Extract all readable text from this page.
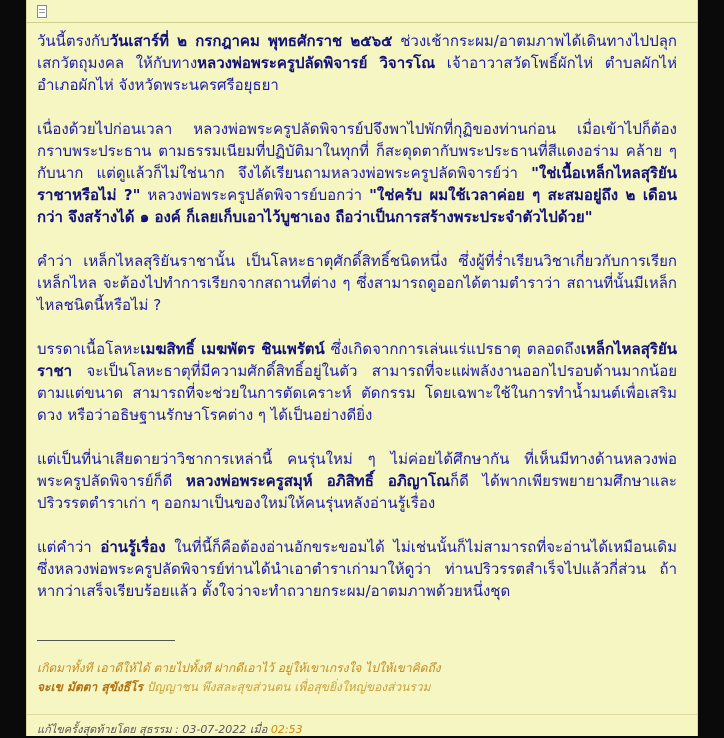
วันนี้ตรงกับวันเสาร์ที่ ๒ กรกฎาคม พุทธศักราช ๒๕๖๕ ช่วงเช้ากระผม/อาตมภาพได้เดินทางไปปลุกเสกวัตถุมงคล ให้กับทางหลวงพ่อพระครูปลัดพิจารย์ วิจารโณ เจ้าอาวาสวัดโพธิ์ผักไห่ ตำบลผักไห่ อำเภอผักไห่ จังหวัดพระนครศรีอยุธยา

เนื่องด้วยไปก่อนเวลา หลวงพ่อพระครูปลัดพิจารย์ปจึงพาไปพักที่กุฏิของท่านก่อน เมื่อเข้าไปก็ต้องกราบพระประธาน ตามธรรมเนียมที่ปฏิบัติมาในทุกที่ ก็สะดุดตากับพระประธานที่สีแดงอร่าม คล้าย ๆ กับนาก แต่ดูแล้วก็ไม่ใช่นาก จึงได้เรียนถามหลวงพ่อพระครูปลัดพิจารย์ว่า "ใช่เนื้อเหล็กไหลสุริยันราชาหรือไม่ ?" หลวงพ่อพระครูปลัดพิจารย์บอกว่า "ใช่ครับ ผมใช้เวลาค่อย ๆ สะสมอยู่ถึง ๒ เดือนกว่า จึงสร้างได้ ๑ องค์ ก็เลยเก็บเอาไว้บูชาเอง ถือว่าเป็นการสร้างพระประจำตัวไปด้วย"

คำว่า เหล็กไหลสุริยันราชานั้น เป็นโลหะธาตุศักดิ์สิทธิ์ชนิดหนึ่ง ซึ่งผู้ที่ร่ำเรียนวิชาเกี่ยวกับการเรียกเหล็กไหล จะต้องไปทำการเรียกจากสถานที่ต่าง ๆ ซึ่งสามารถดูออกได้ตามตำราว่า สถานที่นั้นมีเหล็กไหลชนิดนี้หรือไม่ ?

บรรดาเนื้อโลหะเมฆสิทธิ์ เมฆพัตร ชินเพรัตน์ ซึ่งเกิดจากการเล่นแร่แปรธาตุ ตลอดถึงเหล็กไหลสุริยันราชา จะเป็นโลหะธาตุที่มีความศักดิ์สิทธิ์อยู่ในตัว สามารถที่จะแผ่พลังงานออกไปรอบด้านมากน้อยตามแต่ขนาด สามารถที่จะช่วยในการตัดเคราะห์ ตัดกรรม โดยเฉพาะใช้ในการทำน้ำมนต์เพื่อเสริมดวง หรือว่าอธิษฐานรักษาโรคต่าง ๆ ได้เป็นอย่างดียิ่ง

แต่เป็นที่น่าเสียดายว่าวิชาการเหล่านี้ คนรุ่นใหม่ ๆ ไม่ค่อยได้ศึกษากัน ที่เห็นมีทางด้านหลวงพ่อพระครูปลัดพิจารย์ก็ดี หลวงพ่อพระครูสมุห์ อภิสิทธิ์ อภิญาโณก็ดี ได้พากเพียรพยายามศึกษาและปริวรรตตำราเก่า ๆ ออกมาเป็นของใหม่ให้คนรุ่นหลังอ่านรู้เรื่อง

แต่คำว่า อ่านรู้เรื่อง ในที่นี้ก็คือต้องอ่านอักขระขอมได้ ไม่เช่นนั้นก็ไม่สามารถที่จะอ่านได้เหมือนเดิม ซึ่งหลวงพ่อพระครูปลัดพิจารย์ท่านได้นำเอาตำราเก่ามาให้ดูว่า ท่านปริวรรตสำเร็จไปแล้วกี่ส่วน ถ้าหากว่าเสร็จเรียบร้อยแล้ว ตั้งใจว่าจะทำถวายกระผม/อาตมภาพด้วยหนึ่งชุด

เกิดมาทั้งที เอาดีให้ได้ ตายไปทั้งที ฝากดีเอาไว้ อยู่ให้เขาเกรงใจ ไปให้เขาคิดถึง
จะเข มัตตา สุขังธีโร ปัญญาชน พึงสละสุขส่วนตน เพื่อสุขยิ่งใหญ่ของส่วนรวม
แก้ไขครั้งสุดท้ายโดย สุธรรม : 03-07-2022 เมื่อ 02:53
